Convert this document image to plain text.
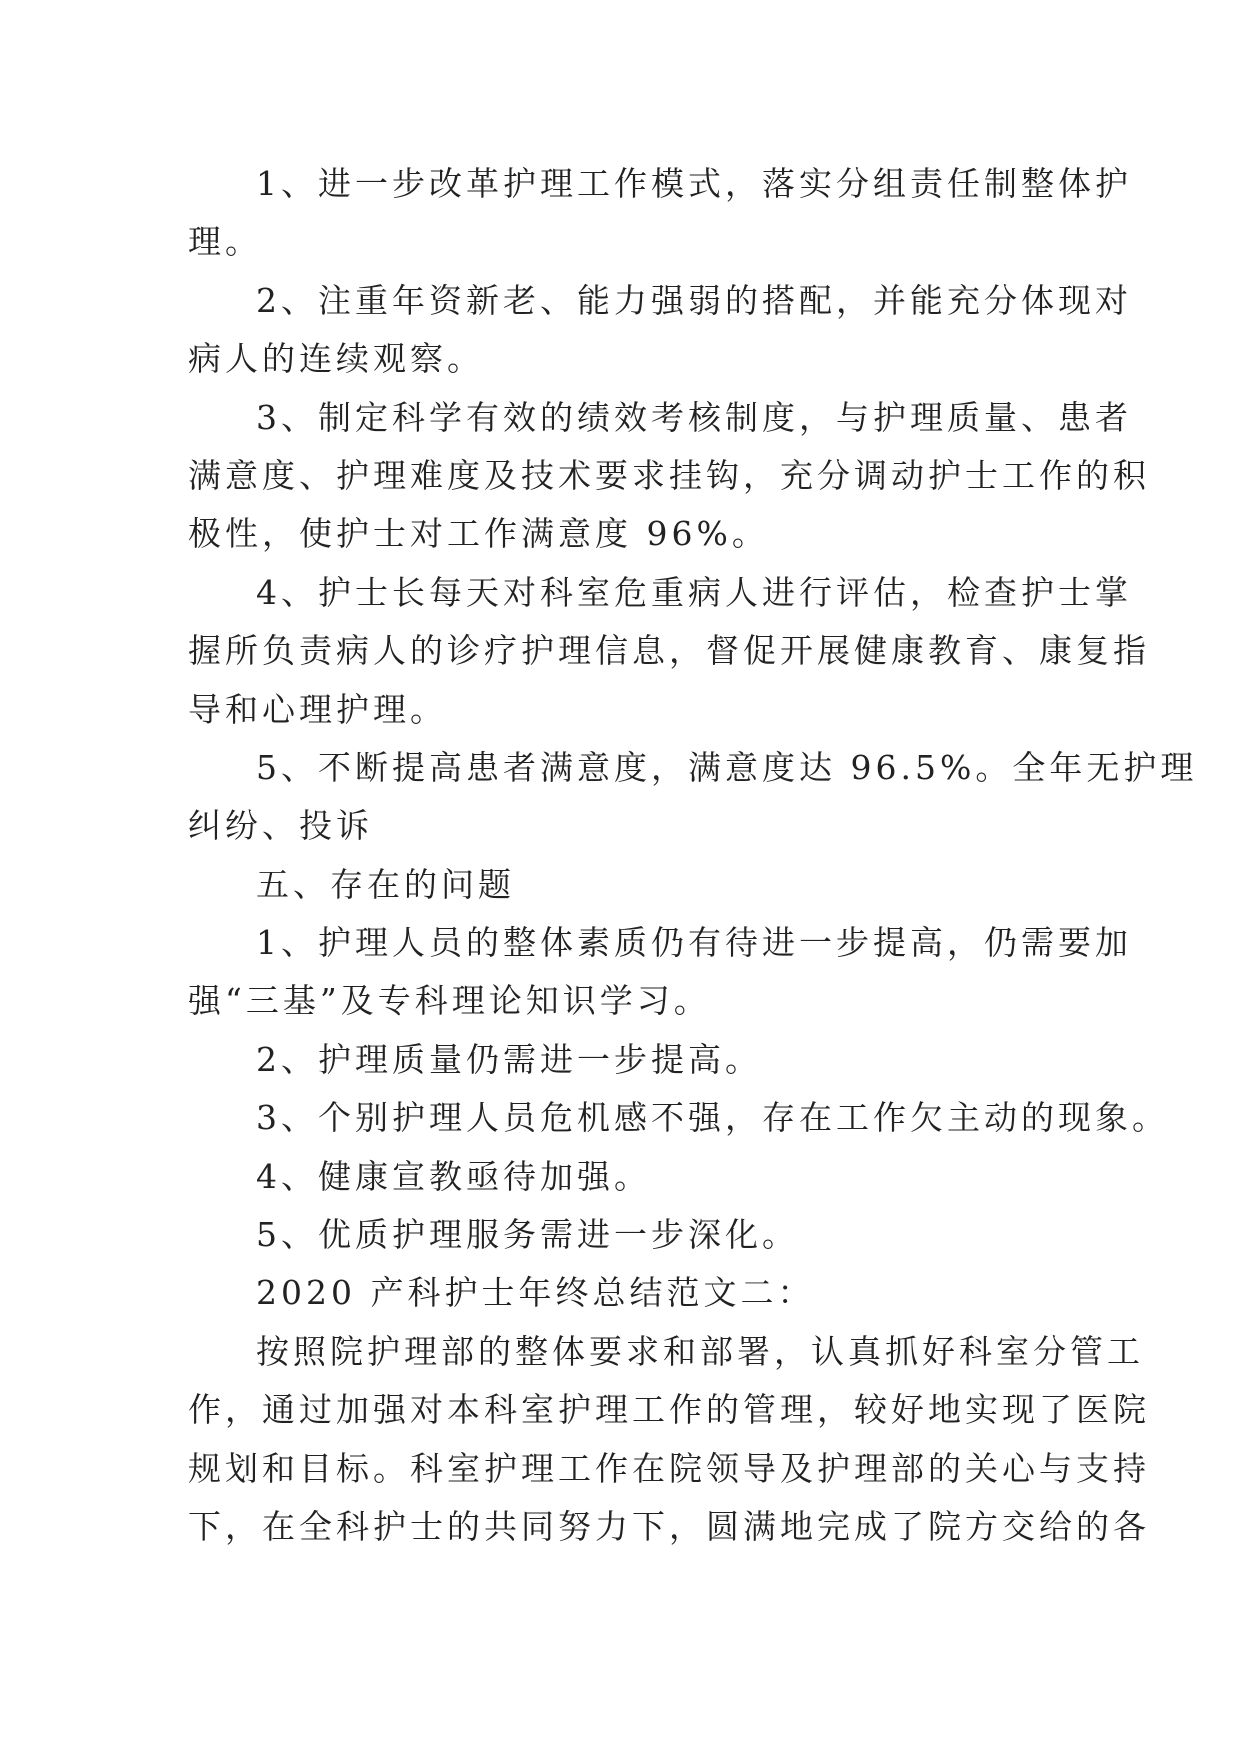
1、进一步改革护理工作模式，落实分组责任制整体护
理。
2、注重年资新老、能力强弱的搭配，并能充分体现对
病人的连续观察。
3、制定科学有效的绩效考核制度，与护理质量、患者
满意度、护理难度及技术要求挂钩，充分调动护士工作的积
极性，使护士对工作满意度 96%。
4、护士长每天对科室危重病人进行评估，检查护士掌
握所负责病人的诊疗护理信息，督促开展健康教育、康复指
导和心理护理。
5、不断提高患者满意度，满意度达 96.5%。全年无护理
纠纷、投诉
五、存在的问题
1、护理人员的整体素质仍有待进一步提高，仍需要加
强“三基”及专科理论知识学习。
2、护理质量仍需进一步提高。
3、个别护理人员危机感不强，存在工作欠主动的现象。
4、健康宣教亟待加强。
5、优质护理服务需进一步深化。
2020 产科护士年终总结范文二：
按照院护理部的整体要求和部署，认真抓好科室分管工
作，通过加强对本科室护理工作的管理，较好地实现了医院
规划和目标。科室护理工作在院领导及护理部的关心与支持
下，在全科护士的共同努力下，圆满地完成了院方交给的各
